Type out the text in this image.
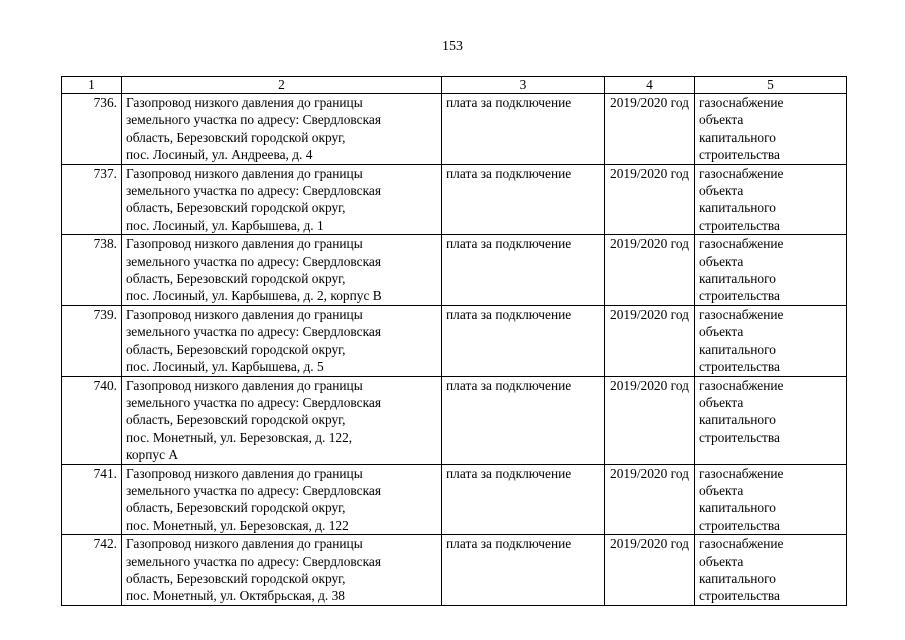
153
1	2	3	4	5
736.	Газопровод низкого давления до границы
земельного участка по адресу: Свердловская
область, Березовский городской округ,
пос. Лосиный, ул. Андреева, д. 4	плата за подключение	2019/2020 год	газоснабжение
объекта
капитального
строительства
737.	Газопровод низкого давления до границы
земельного участка по адресу: Свердловская
область, Березовский городской округ,
пос. Лосиный, ул. Карбышева, д. 1	плата за подключение	2019/2020 год	газоснабжение
объекта
капитального
строительства
738.	Газопровод низкого давления до границы
земельного участка по адресу: Свердловская
область, Березовский городской округ,
пос. Лосиный, ул. Карбышева, д. 2, корпус В	плата за подключение	2019/2020 год	газоснабжение
объекта
капитального
строительства
739.	Газопровод низкого давления до границы
земельного участка по адресу: Свердловская
область, Березовский городской округ,
пос. Лосиный, ул. Карбышева, д. 5	плата за подключение	2019/2020 год	газоснабжение
объекта
капитального
строительства
740.	Газопровод низкого давления до границы
земельного участка по адресу: Свердловская
область, Березовский городской округ,
пос. Монетный, ул. Березовская, д. 122,
корпус А	плата за подключение	2019/2020 год	газоснабжение
объекта
капитального
строительства
741.	Газопровод низкого давления до границы
земельного участка по адресу: Свердловская
область, Березовский городской округ,
пос. Монетный, ул. Березовская, д. 122	плата за подключение	2019/2020 год	газоснабжение
объекта
капитального
строительства
742.	Газопровод низкого давления до границы
земельного участка по адресу: Свердловская
область, Березовский городской округ,
пос. Монетный, ул. Октябрьская, д. 38	плата за подключение	2019/2020 год	газоснабжение
объекта
капитального
строительства
